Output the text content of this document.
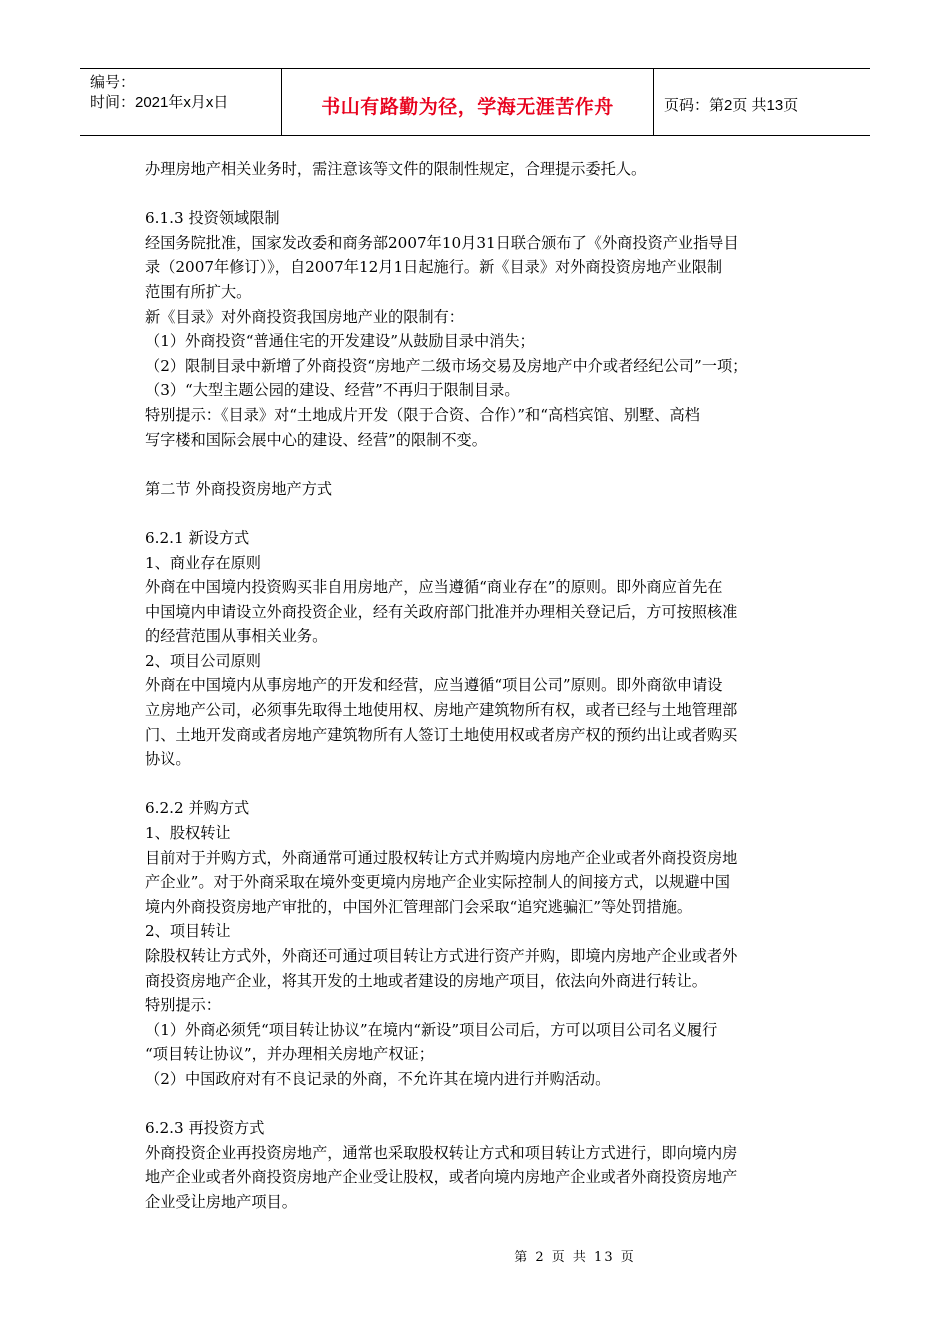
编号：
时间：2021年x月x日	书山有路勤为径，学海无涯苦作舟	页码：第2页 共13页

办理房地产相关业务时，需注意该等文件的限制性规定，合理提示委托人。

6.1.3 投资领域限制

经国务院批准，国家发改委和商务部2007年10月31日联合颁布了《外商投资产业指导目

录（2007年修订）》，自2007年12月1日起施行。新《目录》对外商投资房地产业限制

范围有所扩大。

新《目录》对外商投资我国房地产业的限制有：

（1）外商投资“普通住宅的开发建设”从鼓励目录中消失；

（2）限制目录中新增了外商投资“房地产二级市场交易及房地产中介或者经纪公司”一项；

（3）“大型主题公园的建设、经营”不再归于限制目录。

特别提示：《目录》对“土地成片开发（限于合资、合作）”和“高档宾馆、别墅、高档

写字楼和国际会展中心的建设、经营”的限制不变。

第二节 外商投资房地产方式

6.2.1 新设方式

1、商业存在原则

外商在中国境内投资购买非自用房地产，应当遵循“商业存在”的原则。即外商应首先在

中国境内申请设立外商投资企业，经有关政府部门批准并办理相关登记后，方可按照核准

的经营范围从事相关业务。

2、项目公司原则

外商在中国境内从事房地产的开发和经营，应当遵循“项目公司”原则。即外商欲申请设

立房地产公司，必须事先取得土地使用权、房地产建筑物所有权，或者已经与土地管理部

门、土地开发商或者房地产建筑物所有人签订土地使用权或者房产权的预约出让或者购买

协议。

6.2.2 并购方式

1、股权转让

目前对于并购方式，外商通常可通过股权转让方式并购境内房地产企业或者外商投资房地

产企业”。对于外商采取在境外变更境内房地产企业实际控制人的间接方式，以规避中国

境内外商投资房地产审批的，中国外汇管理部门会采取“追究逃骗汇”等处罚措施。

2、项目转让

除股权转让方式外，外商还可通过项目转让方式进行资产并购，即境内房地产企业或者外

商投资房地产企业，将其开发的土地或者建设的房地产项目，依法向外商进行转让。

特别提示：

（1）外商必须凭“项目转让协议”在境内“新设”项目公司后，方可以项目公司名义履行

“项目转让协议”，并办理相关房地产权证；

（2）中国政府对有不良记录的外商，不允许其在境内进行并购活动。

6.2.3 再投资方式

外商投资企业再投资房地产，通常也采取股权转让方式和项目转让方式进行，即向境内房

地产企业或者外商投资房地产企业受让股权，或者向境内房地产企业或者外商投资房地产

企业受让房地产项目。

第 2 页 共 13 页
